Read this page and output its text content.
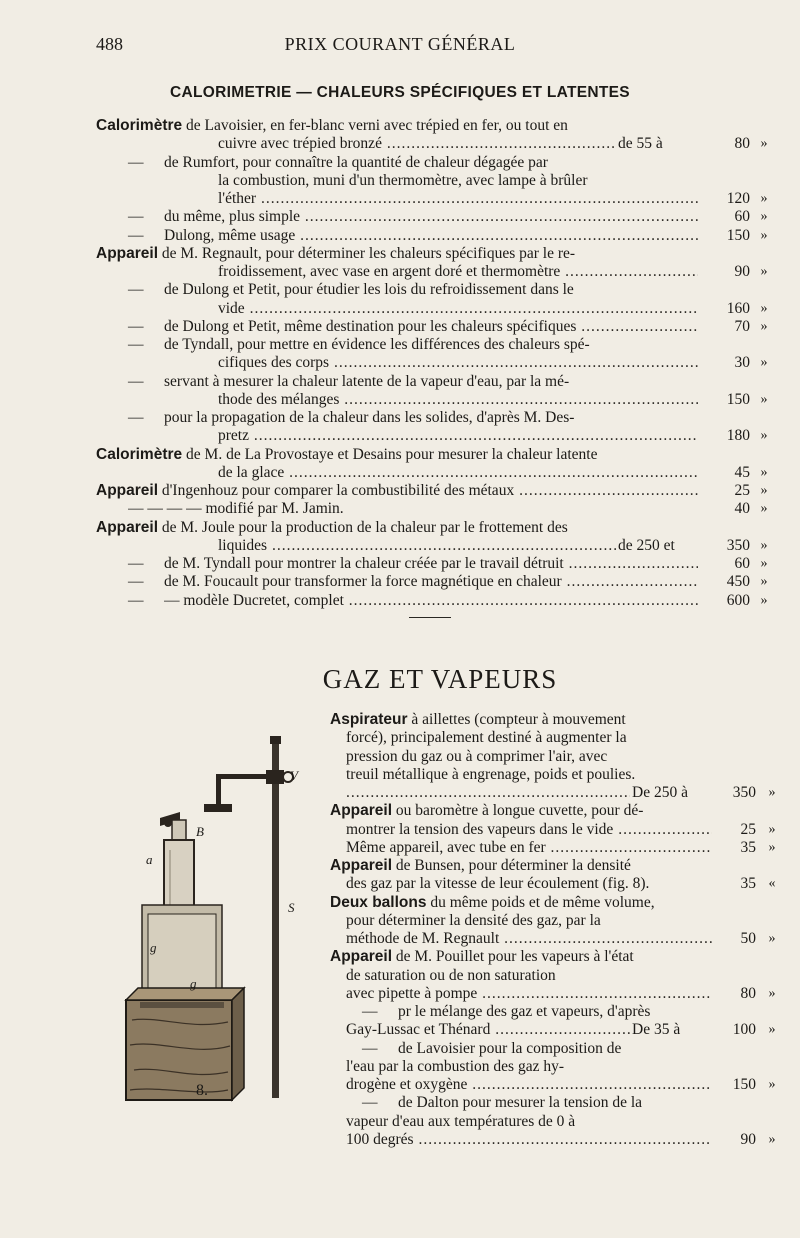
488	PRIX COURANT GÉNÉRAL
CALORIMETRIE — CHALEURS SPÉCIFIQUES ET LATENTES
Calorimètre de Lavoisier, en fer-blanc verni avec trépied en fer, ou tout en
cuivre avec trépied bronzé .....	de 55 à	80 »
— de Rumfort, pour connaître la quantité de chaleur dégagée par
la combustion, muni d'un thermomètre, avec lampe à brûler
l'éther .....	120 »
— du même, plus simple .....	60 »
— Dulong, même usage .....	150 »
Appareil de M. Regnault, pour déterminer les chaleurs spécifiques par le re-
froidissement, avec vase en argent doré et thermomètre .....	90 »
— de Dulong et Petit, pour étudier les lois du refroidissement dans le
vide .....	160 »
— de Dulong et Petit, même destination pour les chaleurs spécifiques .....	70 »
— de Tyndall, pour mettre en évidence les différences des chaleurs spé-
cifiques des corps .....	30 »
— servant à mesurer la chaleur latente de la vapeur d'eau, par la mé-
thode des mélanges .....	150 »
— pour la propagation de la chaleur dans les solides, d'après M. Des-
pretz .....	180 »
Calorimètre de M. de La Provostaye et Desains pour mesurer la chaleur latente
de la glace .....	45 »
Appareil d'Ingenhouz pour comparer la combustibilité des métaux .....	25 »
— — — — modifié par M. Jamin.	40 »
Appareil de M. Joule pour la production de la chaleur par le frottement des
liquides .....	de 250 et	350 »
— de M. Tyndall pour montrer la chaleur créée par le travail détruit .....	60 »
— de M. Foucault pour transformer la force magnétique en chaleur .....	450 »
— — modèle Ducretet, complet .....	600 »
GAZ ET VAPEURS
Aspirateur à aillettes (compteur à mouvement
forcé), principalement destiné à augmenter la
pression du gaz ou à comprimer l'air, avec
treuil métallique à engrenage, poids et poulies.
.....
De 250 à	350 »
Appareil ou baromètre à longue cuvette, pour dé-
montrer la tension des vapeurs dans le vide .....	25 »
Même appareil, avec tube en fer .....	35 »
Appareil de Bunsen, pour déterminer la densité
des gaz par la vitesse de leur écoulement (fig. 8).	35 «
Deux ballons du même poids et de même volume,
pour déterminer la densité des gaz, par la
méthode de M. Regnault .....	50 »
Appareil de M. Pouillet pour les vapeurs à l'état
de saturation ou de non saturation
avec pipette à pompe .....	80 »
— pr le mélange des gaz et vapeurs, d'après
Gay-Lussac et Thénard .....	De 35 à	100 »
— de Lavoisier pour la composition de
l'eau par la combustion des gaz hy-
drogène et oxygène .....	150 »
— de Dalton pour mesurer la tension de la
vapeur d'eau aux températures de 0 à
100 degrés .....	90 »
V
B
a
S
g
g
8.
